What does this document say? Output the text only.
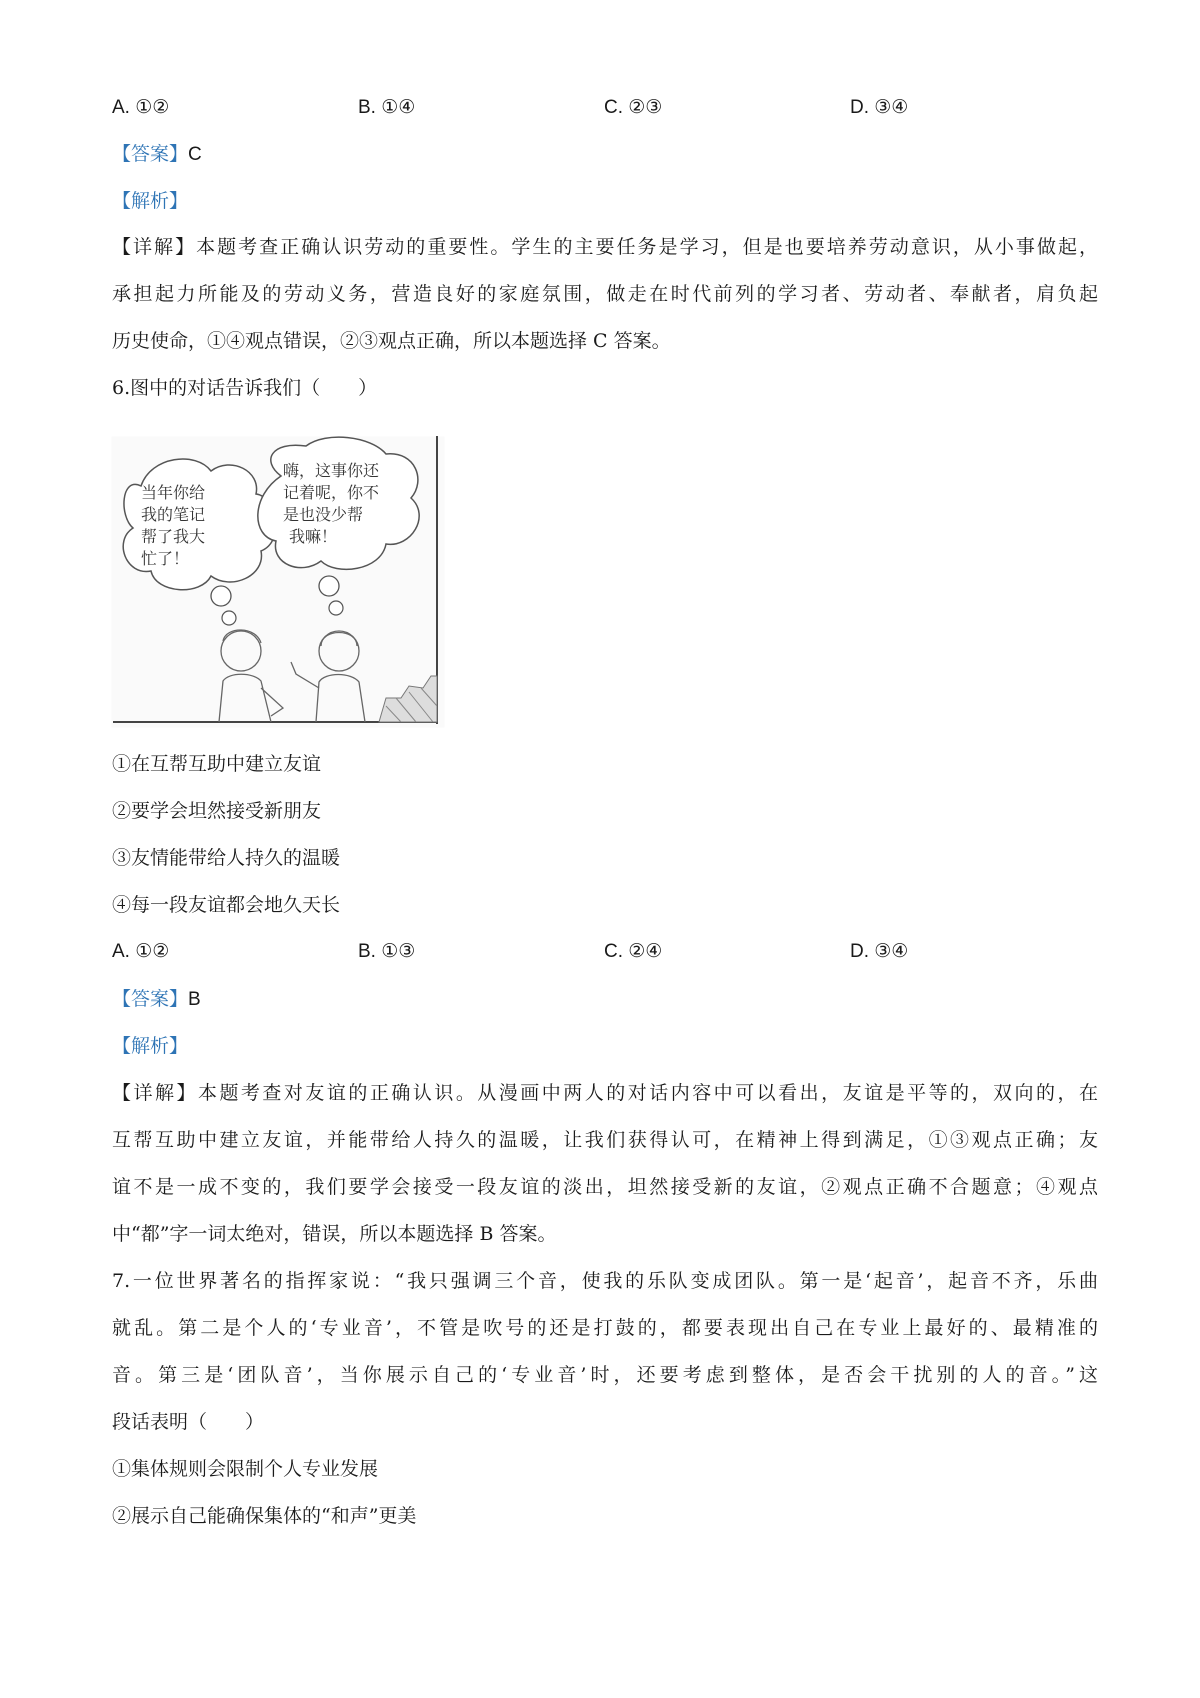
A. ①②	B. ①④	C. ②③	D. ③④
【答案】C
【解析】
【详解】本题考查正确认识劳动的重要性。学生的主要任务是学习，但是也要培养劳动意识，从小事做起，
承担起力所能及的劳动义务，营造良好的家庭氛围，做走在时代前列的学习者、劳动者、奉献者，肩负起
历史使命，①④观点错误，②③观点正确，所以本题选择 C 答案。
6.图中的对话告诉我们（　　）
当年你给
我的笔记
帮了我大
忙了！
嗨，这事你还
记着呢，你不
是也没少帮
我嘛！
①在互帮互助中建立友谊
②要学会坦然接受新朋友
③友情能带给人持久的温暖
④每一段友谊都会地久天长
A. ①②	B. ①③	C. ②④	D. ③④
【答案】B
【解析】
【详解】本题考查对友谊的正确认识。从漫画中两人的对话内容中可以看出，友谊是平等的，双向的，在
互帮互助中建立友谊，并能带给人持久的温暖，让我们获得认可，在精神上得到满足，①③观点正确；友
谊不是一成不变的，我们要学会接受一段友谊的淡出，坦然接受新的友谊，②观点正确不合题意；④观点
中“都”字一词太绝对，错误，所以本题选择 B 答案。
7.一位世界著名的指挥家说：“我只强调三个音，使我的乐队变成团队。第一是‘起音’，起音不齐，乐曲
就乱。第二是个人的‘专业音’，不管是吹号的还是打鼓的，都要表现出自己在专业上最好的、最精准的
音。第三是‘团队音’，当你展示自己的‘专业音’时，还要考虑到整体，是否会干扰别的人的音。”这
段话表明（　　）
①集体规则会限制个人专业发展
②展示自己能确保集体的“和声”更美
